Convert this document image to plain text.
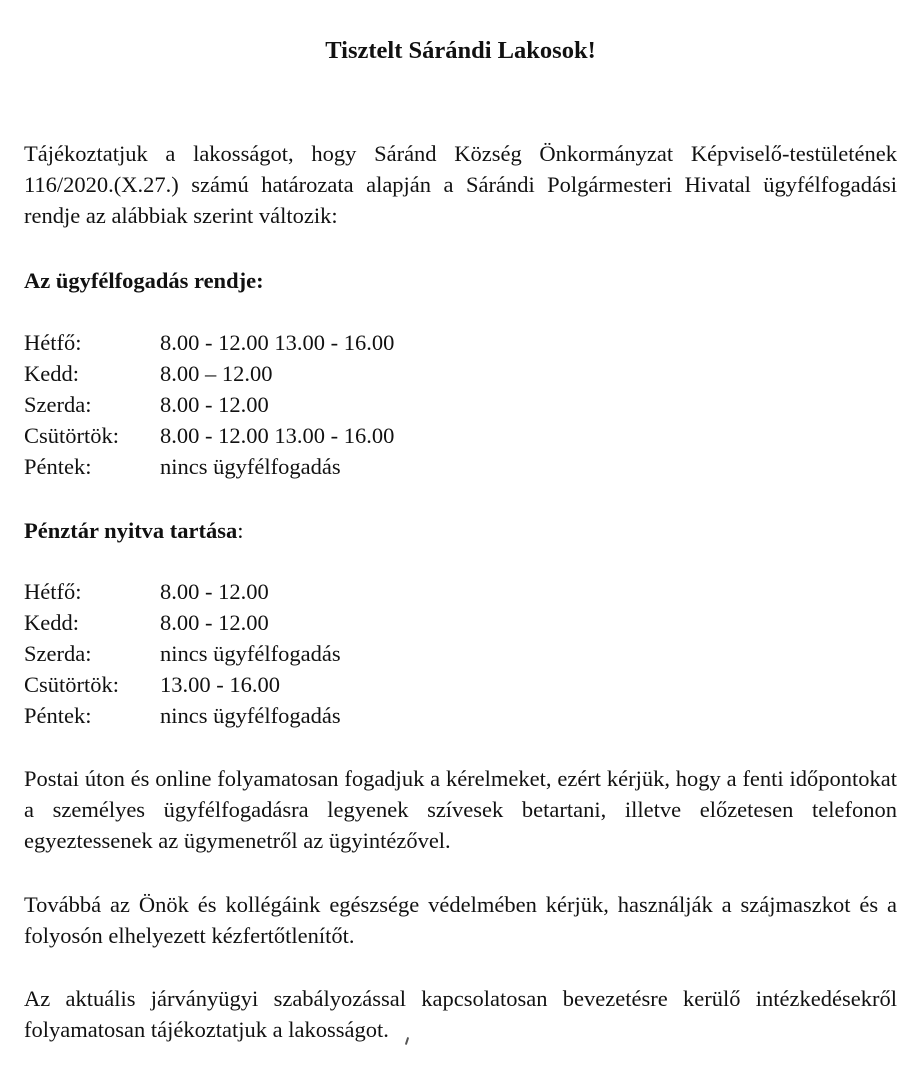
Tisztelt Sárándi Lakosok!

Tájékoztatjuk a lakosságot, hogy Sáránd Község Önkormányzat Képviselő-testületének 116/2020.(X.27.) számú határozata alapján a Sárándi Polgármesteri Hivatal ügyfélfogadási rendje az alábbiak szerint változik:

Az ügyfélfogadás rendje:

Hétfő:	8.00 - 12.00 13.00 - 16.00
Kedd:	8.00 – 12.00
Szerda:	8.00 - 12.00
Csütörtök:	8.00 - 12.00 13.00 - 16.00
Péntek:	nincs ügyfélfogadás

Pénztár nyitva tartása:

Hétfő:	8.00 - 12.00
Kedd:	8.00 - 12.00
Szerda:	nincs ügyfélfogadás
Csütörtök:	13.00 - 16.00
Péntek:	nincs ügyfélfogadás

Postai úton és online folyamatosan fogadjuk a kérelmeket, ezért kérjük, hogy a fenti időpontokat a személyes ügyfélfogadásra legyenek szívesek betartani, illetve előzetesen telefonon egyeztessenek az ügymenetről az ügyintézővel.

Továbbá az Önök és kollégáink egészsége védelmében kérjük, használják a szájmaszkot és a folyosón elhelyezett kézfertőtlenítőt.

Az aktuális járványügyi szabályozással kapcsolatosan bevezetésre kerülő intézkedésekről folyamatosan tájékoztatjuk a lakosságot.
